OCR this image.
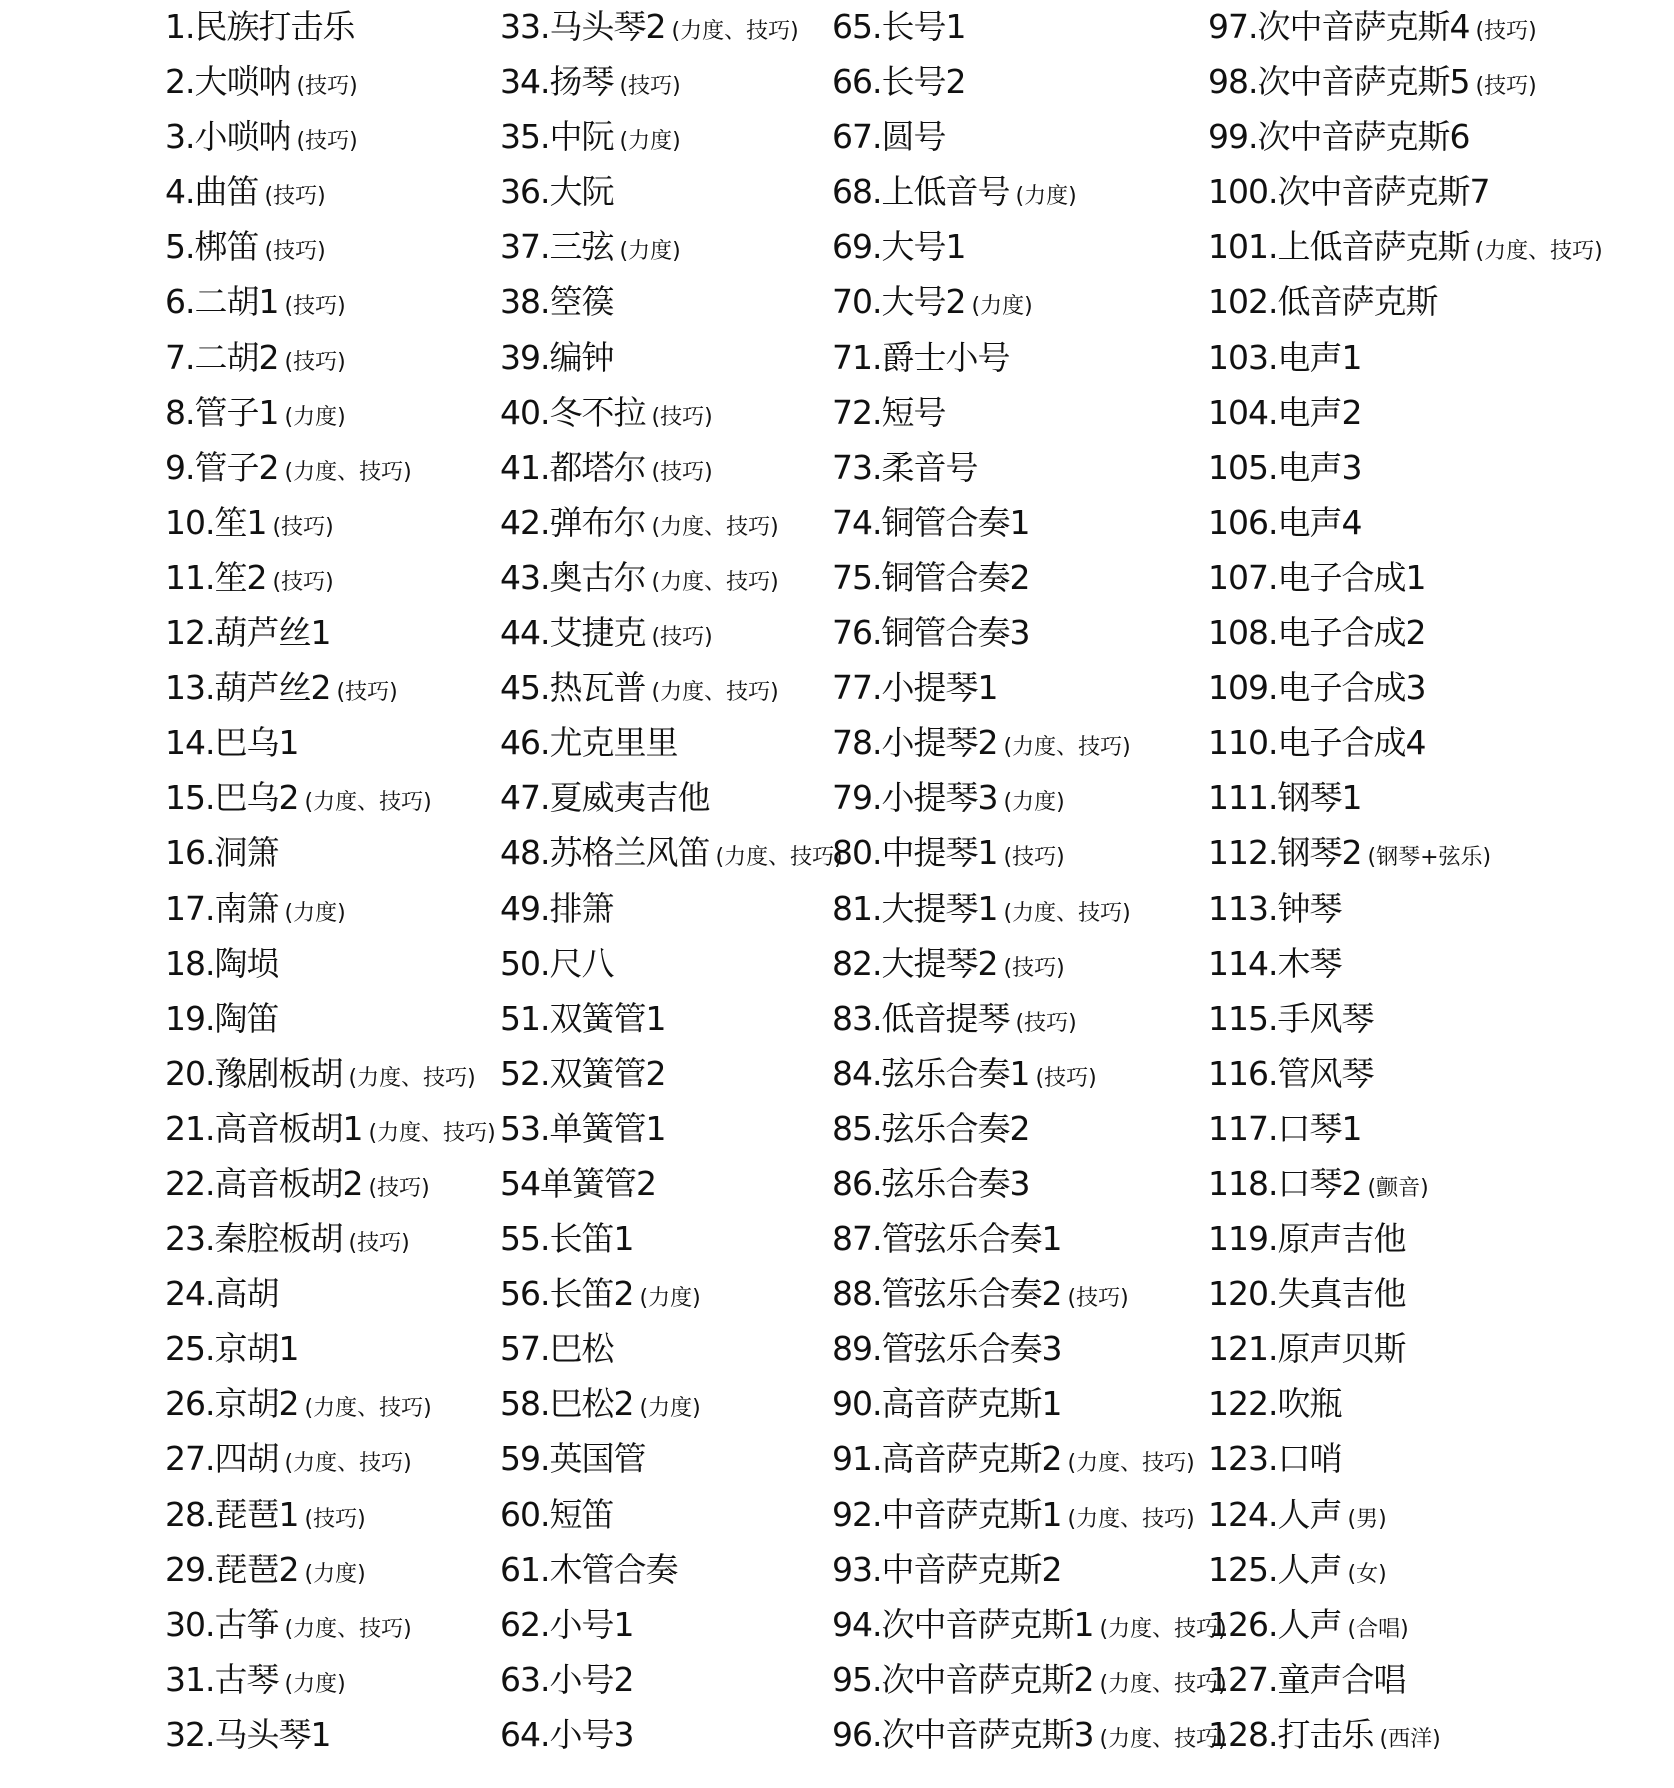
1.民族打击乐
2.大唢呐 (技巧)
3.小唢呐 (技巧)
4.曲笛 (技巧)
5.梆笛 (技巧)
6.二胡1 (技巧)
7.二胡2 (技巧)
8.管子1 (力度)
9.管子2 (力度、技巧)
10.笙1 (技巧)
11.笙2 (技巧)
12.葫芦丝1
13.葫芦丝2 (技巧)
14.巴乌1
15.巴乌2 (力度、技巧)
16.洞箫
17.南箫 (力度)
18.陶埙
19.陶笛
20.豫剧板胡 (力度、技巧)
21.高音板胡1 (力度、技巧)
22.高音板胡2 (技巧)
23.秦腔板胡 (技巧)
24.高胡
25.京胡1
26.京胡2 (力度、技巧)
27.四胡 (力度、技巧)
28.琵琶1 (技巧)
29.琵琶2 (力度)
30.古筝 (力度、技巧)
31.古琴 (力度)
32.马头琴1
33.马头琴2 (力度、技巧)
34.扬琴 (技巧)
35.中阮 (力度)
36.大阮
37.三弦 (力度)
38.箜篌
39.编钟
40.冬不拉 (技巧)
41.都塔尔 (技巧)
42.弹布尔 (力度、技巧)
43.奥古尔 (力度、技巧)
44.艾捷克 (技巧)
45.热瓦普 (力度、技巧)
46.尤克里里
47.夏威夷吉他
48.苏格兰风笛 (力度、技巧)
49.排箫
50.尺八
51.双簧管1
52.双簧管2
53.单簧管1
54单簧管2
55.长笛1
56.长笛2 (力度)
57.巴松
58.巴松2 (力度)
59.英国管
60.短笛
61.木管合奏
62.小号1
63.小号2
64.小号3
65.长号1
66.长号2
67.圆号
68.上低音号 (力度)
69.大号1
70.大号2 (力度)
71.爵士小号
72.短号
73.柔音号
74.铜管合奏1
75.铜管合奏2
76.铜管合奏3
77.小提琴1
78.小提琴2 (力度、技巧)
79.小提琴3 (力度)
80.中提琴1 (技巧)
81.大提琴1 (力度、技巧)
82.大提琴2 (技巧)
83.低音提琴 (技巧)
84.弦乐合奏1 (技巧)
85.弦乐合奏2
86.弦乐合奏3
87.管弦乐合奏1
88.管弦乐合奏2 (技巧)
89.管弦乐合奏3
90.高音萨克斯1
91.高音萨克斯2 (力度、技巧)
92.中音萨克斯1 (力度、技巧)
93.中音萨克斯2
94.次中音萨克斯1 (力度、技巧)
95.次中音萨克斯2 (力度、技巧)
96.次中音萨克斯3 (力度、技巧)
97.次中音萨克斯4 (技巧)
98.次中音萨克斯5 (技巧)
99.次中音萨克斯6
100.次中音萨克斯7
101.上低音萨克斯 (力度、技巧)
102.低音萨克斯
103.电声1
104.电声2
105.电声3
106.电声4
107.电子合成1
108.电子合成2
109.电子合成3
110.电子合成4
111.钢琴1
112.钢琴2 (钢琴+弦乐)
113.钟琴
114.木琴
115.手风琴
116.管风琴
117.口琴1
118.口琴2 (颤音)
119.原声吉他
120.失真吉他
121.原声贝斯
122.吹瓶
123.口哨
124.人声 (男)
125.人声 (女)
126.人声 (合唱)
127.童声合唱
128.打击乐 (西洋)
